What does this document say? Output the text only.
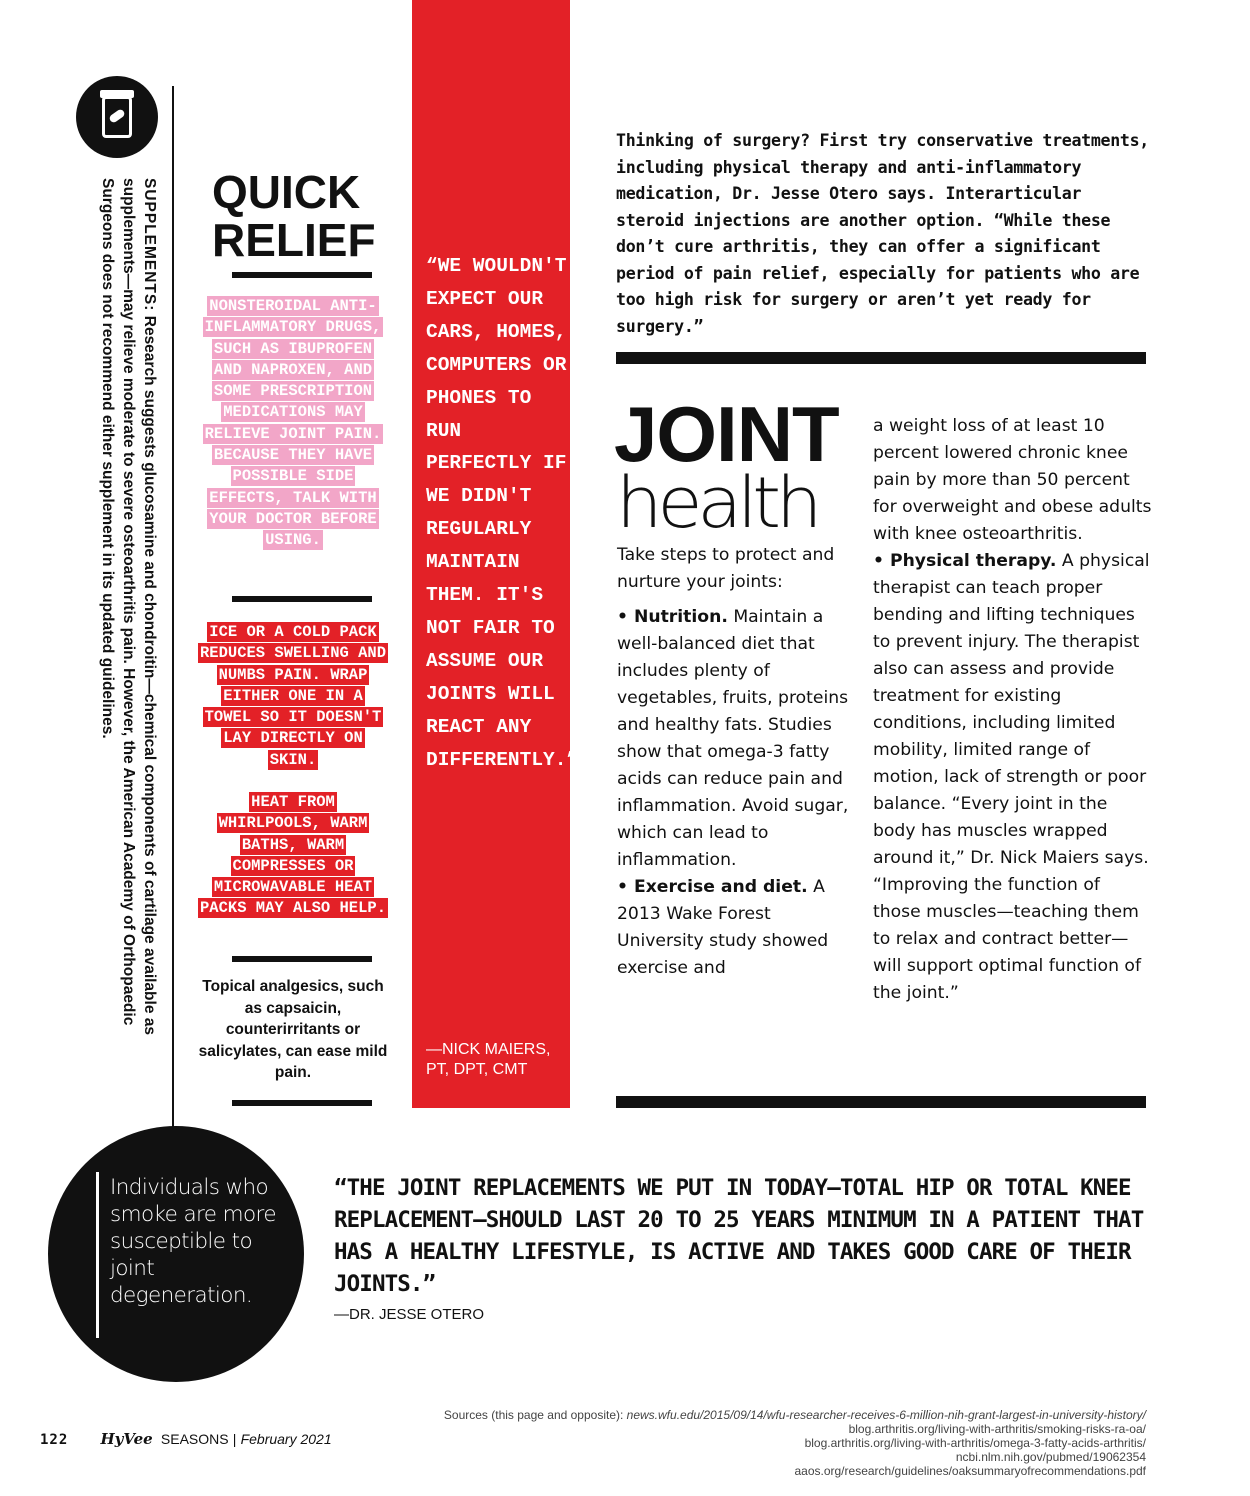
SUPPLEMENTS: Research suggests glucosamine and chondroitin—chemical components of cartilage available as supplements—may relieve moderate to severe osteoarthritis pain. However, the American Academy of Orthopaedic Surgeons does not recommend either supplement in its updated guidelines.	QUICK
RELIEF
NONSTEROIDAL ANTI-INFLAMMATORY DRUGS, SUCH AS IBUPROFEN AND NAPROXEN, AND SOME PRESCRIPTION MEDICATIONS MAY RELIEVE JOINT PAIN. BECAUSE THEY HAVE POSSIBLE SIDE EFFECTS, TALK WITH YOUR DOCTOR BEFORE USING.
ICE OR A COLD PACK REDUCES SWELLING AND NUMBS PAIN. WRAP EITHER ONE IN A TOWEL SO IT DOESN'T LAY DIRECTLY ON SKIN.
HEAT FROM WHIRLPOOLS, WARM BATHS, WARM COMPRESSES OR MICROWAVABLE HEAT PACKS MAY ALSO HELP.
Topical analgesics, such as capsaicin, counterirritants or salicylates, can ease mild pain.
“WE WOULDN'T EXPECT OUR CARS, HOMES, COMPUTERS OR PHONES TO RUN PERFECTLY IF WE DIDN'T REGULARLY MAINTAIN THEM. IT'S NOT FAIR TO ASSUME OUR JOINTS WILL REACT ANY DIFFERENTLY.”
—NICK MAIERS,
PT, DPT, CMT
Thinking of surgery? First try conservative treatments, including physical therapy and anti-inflammatory medication, Dr. Jesse Otero says. Interarticular steroid injections are another option. “While these don’t cure arthritis, they can offer a significant period of pain relief, especially for patients who are too high risk for surgery or aren’t yet ready for surgery.”
JOINT
health

Take steps to protect and nurture your joints:

• Nutrition. Maintain a well-balanced diet that includes plenty of vegetables, fruits, proteins and healthy fats. Studies show that omega-3 fatty acids can reduce pain and inflammation. Avoid sugar, which can lead to inflammation.

• Exercise and diet. A 2013 Wake Forest University study showed exercise and

a weight loss of at least 10 percent lowered chronic knee pain by more than 50 percent for overweight and obese adults with knee osteoarthritis.

• Physical therapy. A physical therapist can teach proper bending and lifting techniques to prevent injury. The therapist also can assess and provide treatment for existing conditions, including limited mobility, limited range of motion, lack of strength or poor balance. “Every joint in the body has muscles wrapped around it,” Dr. Nick Maiers says. “Improving the function of those muscles—teaching them to relax and contract better—will support optimal function of the joint.”

Individuals who smoke are more susceptible to joint degeneration.
“THE JOINT REPLACEMENTS WE PUT IN TODAY—TOTAL HIP OR TOTAL KNEE REPLACEMENT—SHOULD LAST 20 TO 25 YEARS MINIMUM IN A PATIENT THAT HAS A HEALTHY LIFESTYLE, IS ACTIVE AND TAKES GOOD CARE OF THEIR JOINTS.”
—DR. JESSE OTERO
122 HyVee SEASONS | February 2021
Sources (this page and opposite): news.wfu.edu/2015/09/14/wfu-researcher-receives-6-million-nih-grant-largest-in-university-history/
blog.arthritis.org/living-with-arthritis/smoking-risks-ra-oa/
blog.arthritis.org/living-with-arthritis/omega-3-fatty-acids-arthritis/
ncbi.nlm.nih.gov/pubmed/19062354
aaos.org/research/guidelines/oaksummaryofrecommendations.pdf
